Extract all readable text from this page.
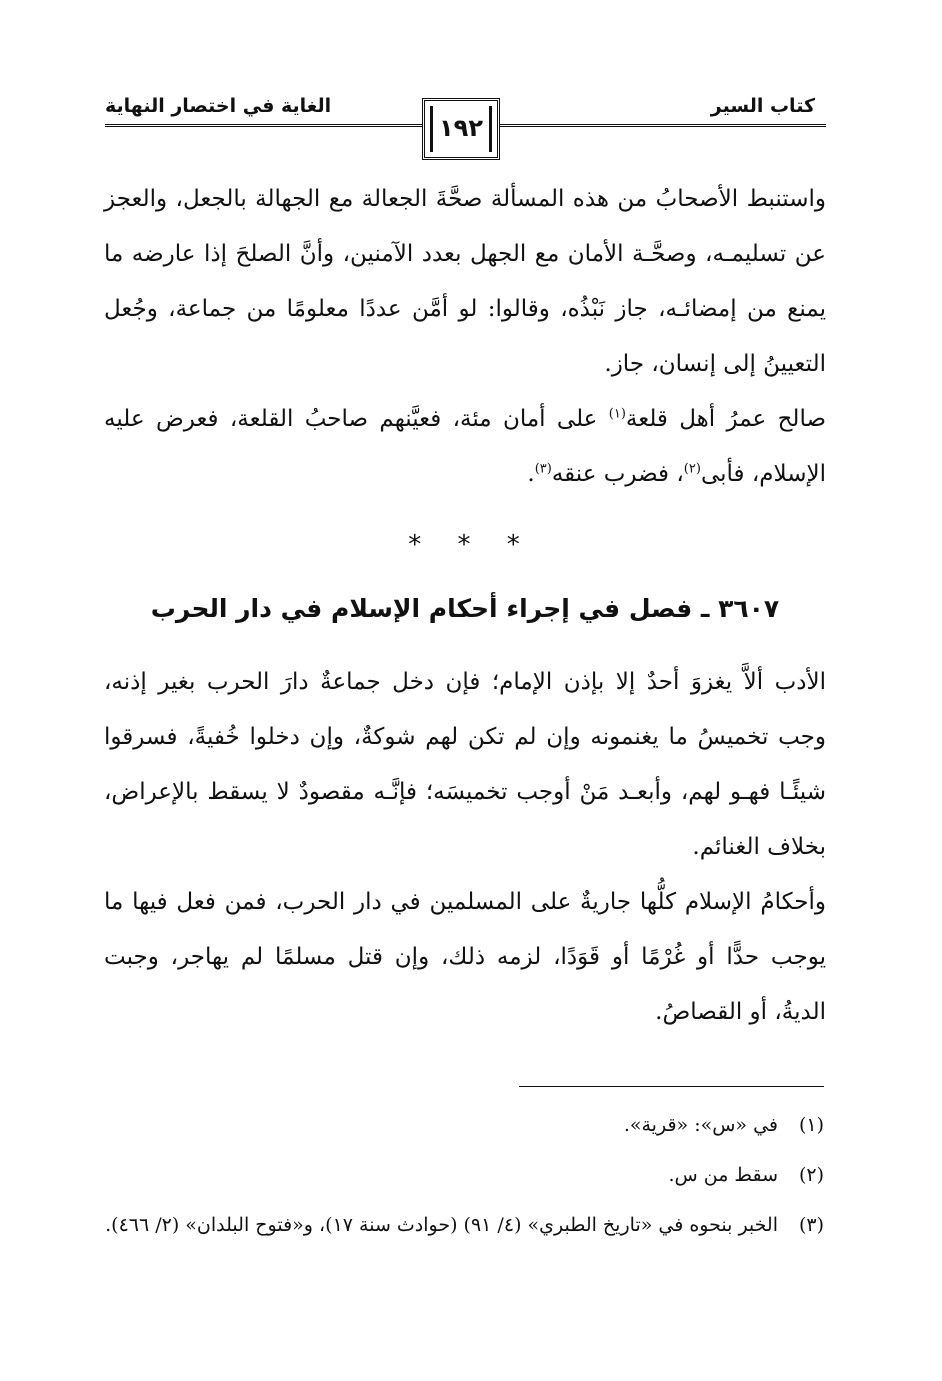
كتاب السير
الغاية في اختصار النهاية
١٩٢

واستنبط الأصحابُ من هذه المسألة صحَّةَ الجعالة مع الجهالة بالجعل، والعجز عن تسليمـه، وصحَّـة الأمان مع الجهل بعدد الآمنين، وأنَّ الصلحَ إذا عارضه ما يمنع من إمضائـه، جاز نَبْذُه، وقالوا: لو أمَّن عددًا معلومًا من جماعة، وجُعل التعيينُ إلى إنسان، جاز.

صالح عمرُ أهل قلعة$^{(١)}$ على أمان مئة، فعيَّنهم صاحبُ القلعة، فعرض عليه الإسلام، فأبى$^{(٢)}$، فضرب عنقه$^{(٣)}$.

* * *
٣٦٠٧ ـ فصل في إجراء أحكام الإسلام في دار الحرب

الأدب ألاَّ يغزوَ أحدٌ إلا بإذن الإمام؛ فإن دخل جماعةٌ دارَ الحرب بغير إذنه، وجب تخميسُ ما يغنمونه وإن لم تكن لهم شوكةٌ، وإن دخلوا خُفيةً، فسرقوا شيئًـا فهـو لهم، وأبعـد مَنْ أوجب تخميسَه؛ فإنَّـه مقصودٌ لا يسقط بالإعراض، بخلاف الغنائم.

وأحكامُ الإسلام كلُّها جاريةٌ على المسلمين في دار الحرب، فمن فعل فيها ما يوجب حدًّا أو غُرْمًا أو قَوَدًا، لزمه ذلك، وإن قتل مسلمًا لم يهاجر، وجبت الديةُ، أو القصاصُ.

(١)
في «س»: «قرية».
(٢)
سقط من س.
(٣)
الخبر بنحوه في «تاريخ الطبري» (٤/ ٩١) (حوادث سنة ١٧)، و«فتوح البلدان» (٢/ ٤٦٦).
